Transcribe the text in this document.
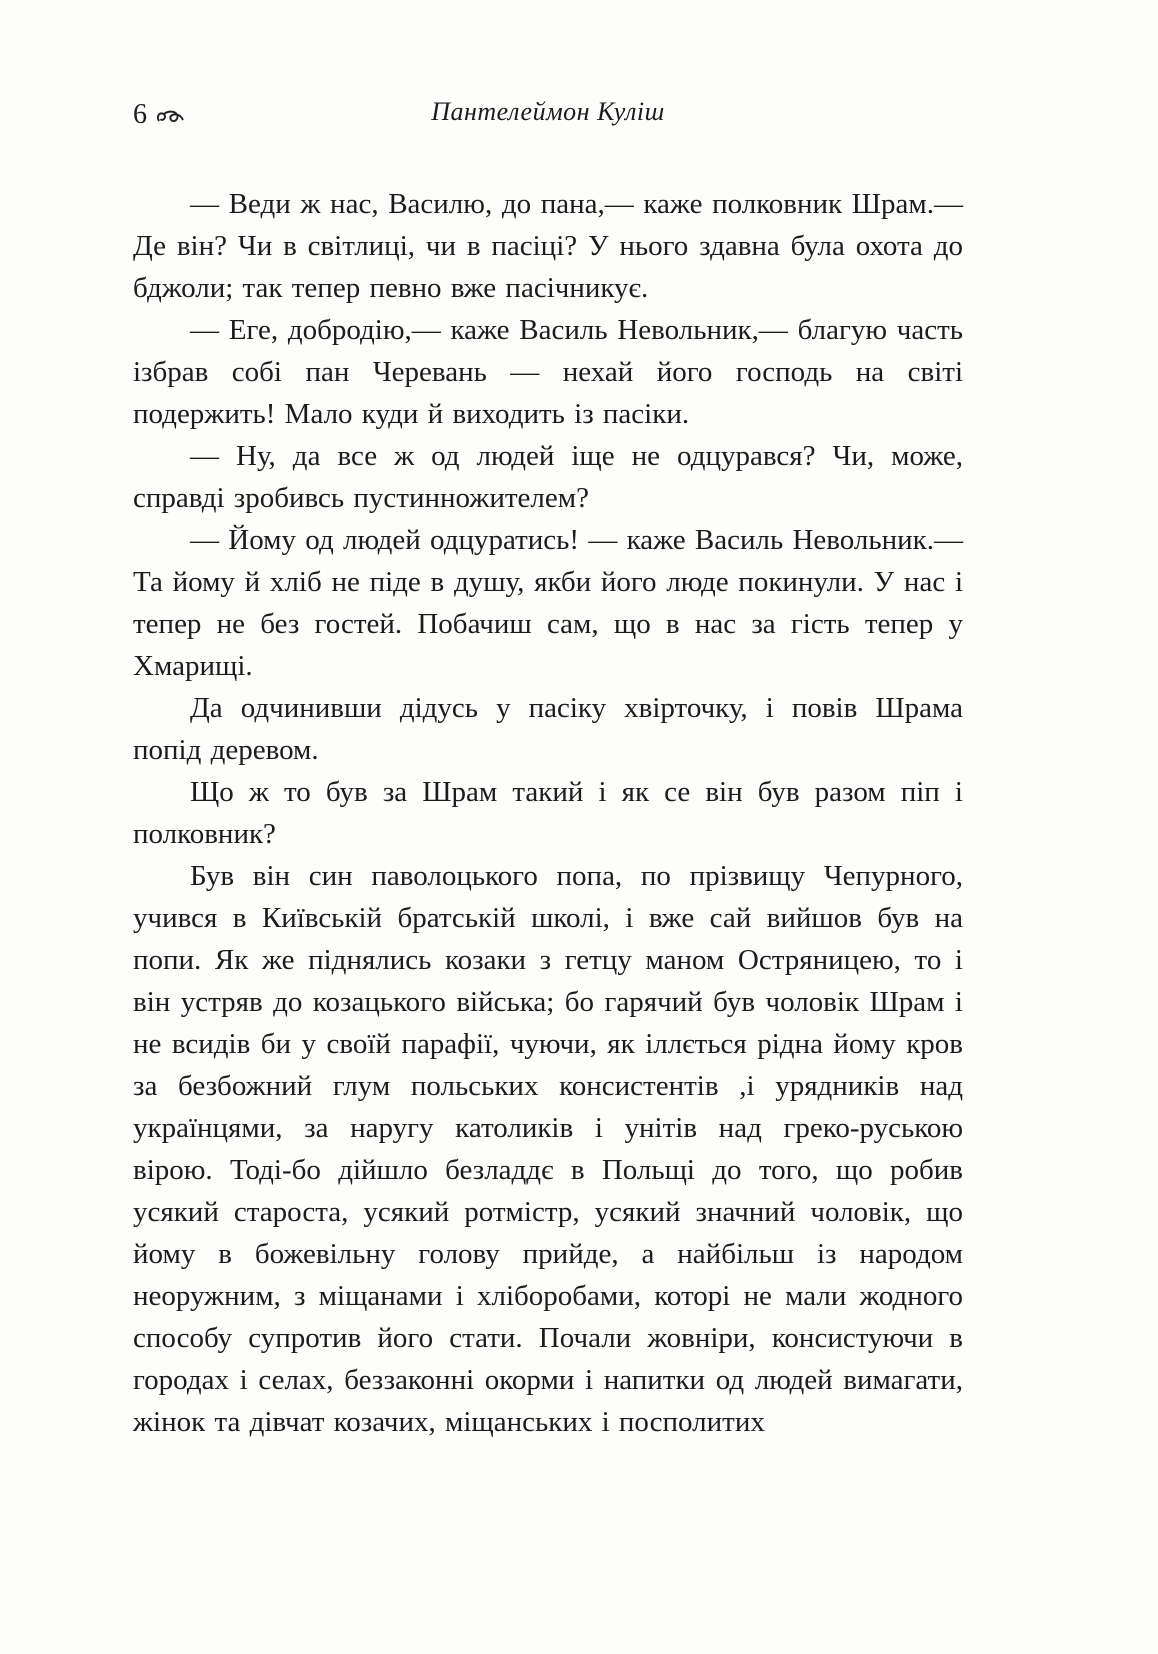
6	Пантелеймон Куліш

— Веди ж нас, Василю, до пана,— каже полковник Шрам.— Де він? Чи в світлиці, чи в пасіці? У нього здавна була охота до бджоли; так тепер певно вже пасічникує.

— Еге, добродію,— каже Василь Невольник,— благую часть ізбрав собі пан Черевань — нехай його господь на світі подержить! Мало куди й виходить із пасіки.

— Ну, да все ж од людей іще не одцурався? Чи, може, справді зробивсь пустинножителем?

— Йому од людей одцуратись! — каже Василь Невольник.— Та йому й хліб не піде в душу, якби його люде покинули. У нас і тепер не без гостей. Побачиш сам, що в нас за гість тепер у Хмарищі.

Да одчинивши дідусь у пасіку хвірточку, і повів Шрама попід деревом.

Що ж то був за Шрам такий і як се він був разом піп і полковник?

Був він син паволоцького попа, по прізвищу Чепурного, учився в Київській братській школі, і вже сай вийшов був на попи. Як же піднялись козаки з гетцу маном Остряницею, то і він устряв до козацького війська; бо гарячий був чоловік Шрам і не всидів би у своїй парафії, чуючи, як іллється рідна йому кров за безбожний глум польських консистентів ,і урядників над українцями, за наругу католиків і унітів над греко-руською вірою. Тоді-бо дійшло безладдє в Польщі до того, що робив усякий староста, усякий ротмістр, усякий значний чоловік, що йому в божевільну голову прийде, а найбільш із народом неоружним, з міщанами і хліборобами, которі не мали жодного способу супротив його стати. Почали жовніри, консистуючи в городах і селах, беззаконні окорми і напитки од людей вимагати, жінок та дівчат козачих, міщанських і посполитих
